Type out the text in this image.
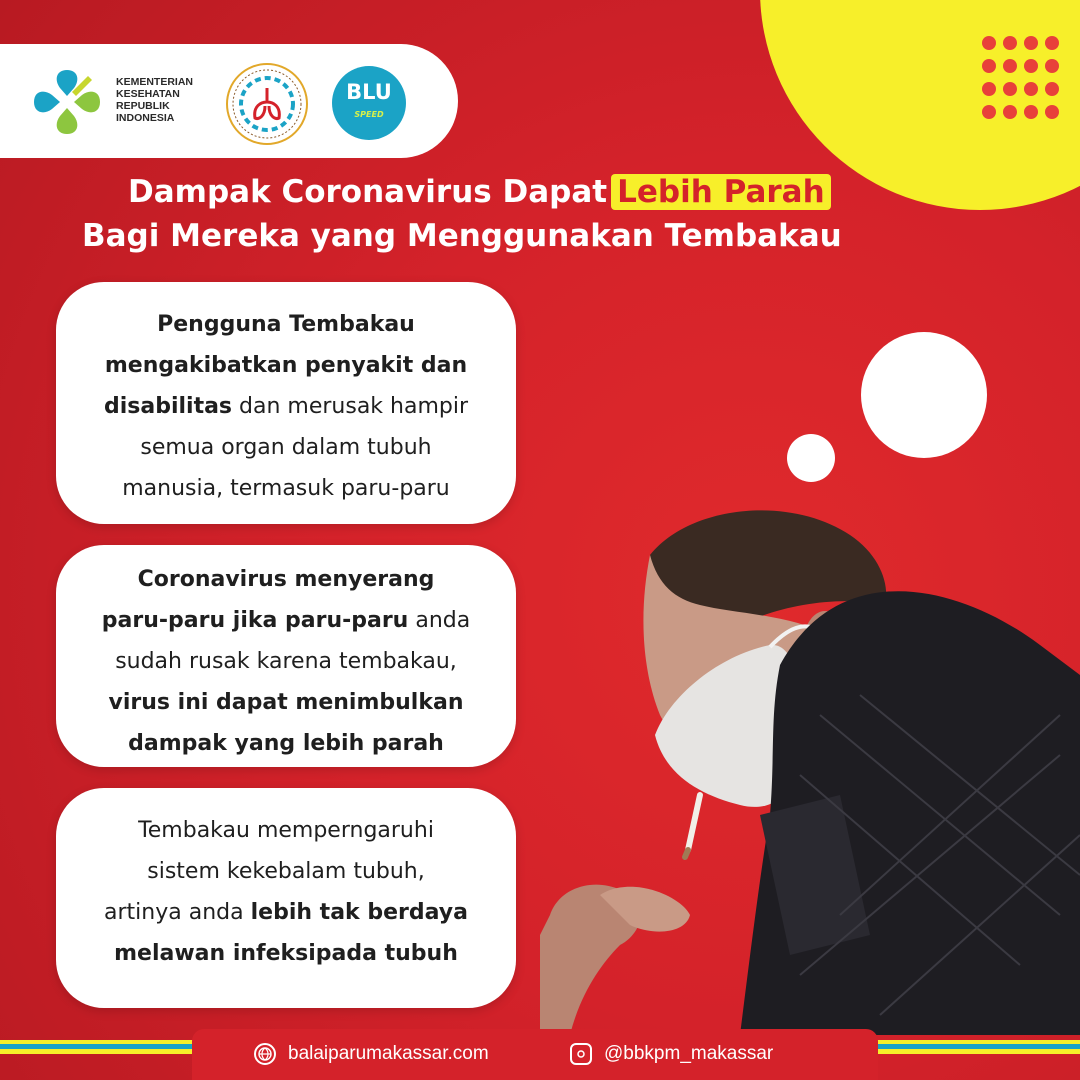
KEMENTERIAN
KESEHATAN
REPUBLIK
INDONESIA
BLU
SPEED
Dampak Coronavirus Dapat Lebih Parah
Bagi Mereka yang Menggunakan Tembakau
Pengguna Tembakau
mengakibatkan penyakit dan
disabilitas dan merusak hampir
semua organ dalam tubuh
manusia, termasuk paru-paru
Coronavirus menyerang
paru-paru jika paru-paru anda
sudah rusak karena tembakau,
virus ini dapat menimbulkan
dampak yang lebih parah
Tembakau memperngaruhi
sistem kekebalam tubuh,
artinya anda lebih tak berdaya
melawan infeksipada tubuh
balaiparumakassar.com	@bbkpm_makassar
